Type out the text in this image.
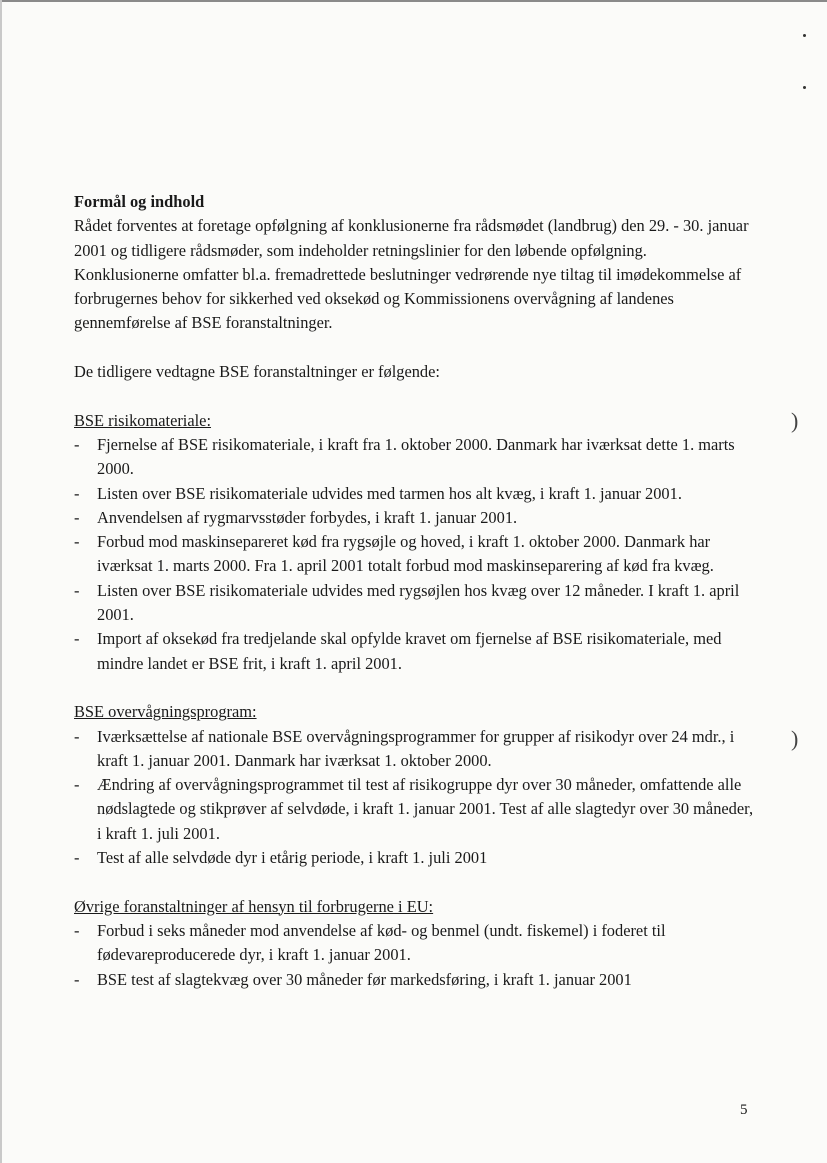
)
)
Formål og indhold

Rådet forventes at foretage opfølgning af konklusionerne fra rådsmødet (landbrug) den 29. - 30. januar 2001 og tidligere rådsmøder, som indeholder retningslinier for den løbende opfølgning. Konklusionerne omfatter bl.a. fremadrettede beslutninger vedrørende nye tiltag til imødekommelse af forbrugernes behov for sikkerhed ved oksekød og Kommissionens overvågning af landenes gennemførelse af BSE foranstaltninger.

De tidligere vedtagne BSE foranstaltninger er følgende:

BSE risikomateriale:

- Fjernelse af BSE risikomateriale, i kraft fra 1. oktober 2000. Danmark har iværksat dette 1. marts 2000.
- Listen over BSE risikomateriale udvides med tarmen hos alt kvæg, i kraft 1. januar 2001.
- Anvendelsen af rygmarvsstøder forbydes, i kraft 1. januar 2001.
- Forbud mod maskinsepareret kød fra rygsøjle og hoved, i kraft 1. oktober 2000. Danmark har iværksat 1. marts 2000. Fra 1. april 2001 totalt forbud mod maskinseparering af kød fra kvæg.
- Listen over BSE risikomateriale udvides med rygsøjlen hos kvæg over 12 måneder. I kraft 1. april 2001.
- Import af oksekød fra tredjelande skal opfylde kravet om fjernelse af BSE risikomateriale, med mindre landet er BSE frit, i kraft 1. april 2001.

BSE overvågningsprogram:

- Iværksættelse af nationale BSE overvågningsprogrammer for grupper af risikodyr over 24 mdr., i kraft 1. januar 2001. Danmark har iværksat 1. oktober 2000.
- Ændring af overvågningsprogrammet til test af risikogruppe dyr over 30 måneder, omfattende alle nødslagtede og stikprøver af selvdøde, i kraft 1. januar 2001. Test af alle slagtedyr over 30 måneder, i kraft 1. juli 2001.
- Test af alle selvdøde dyr i etårig periode, i kraft 1. juli 2001

Øvrige foranstaltninger af hensyn til forbrugerne i EU:

- Forbud i seks måneder mod anvendelse af kød- og benmel (undt. fiskemel) i foderet til fødevareproducerede dyr, i kraft 1. januar 2001.
- BSE test af slagtekvæg over 30 måneder før markedsføring, i kraft 1. januar 2001
5
